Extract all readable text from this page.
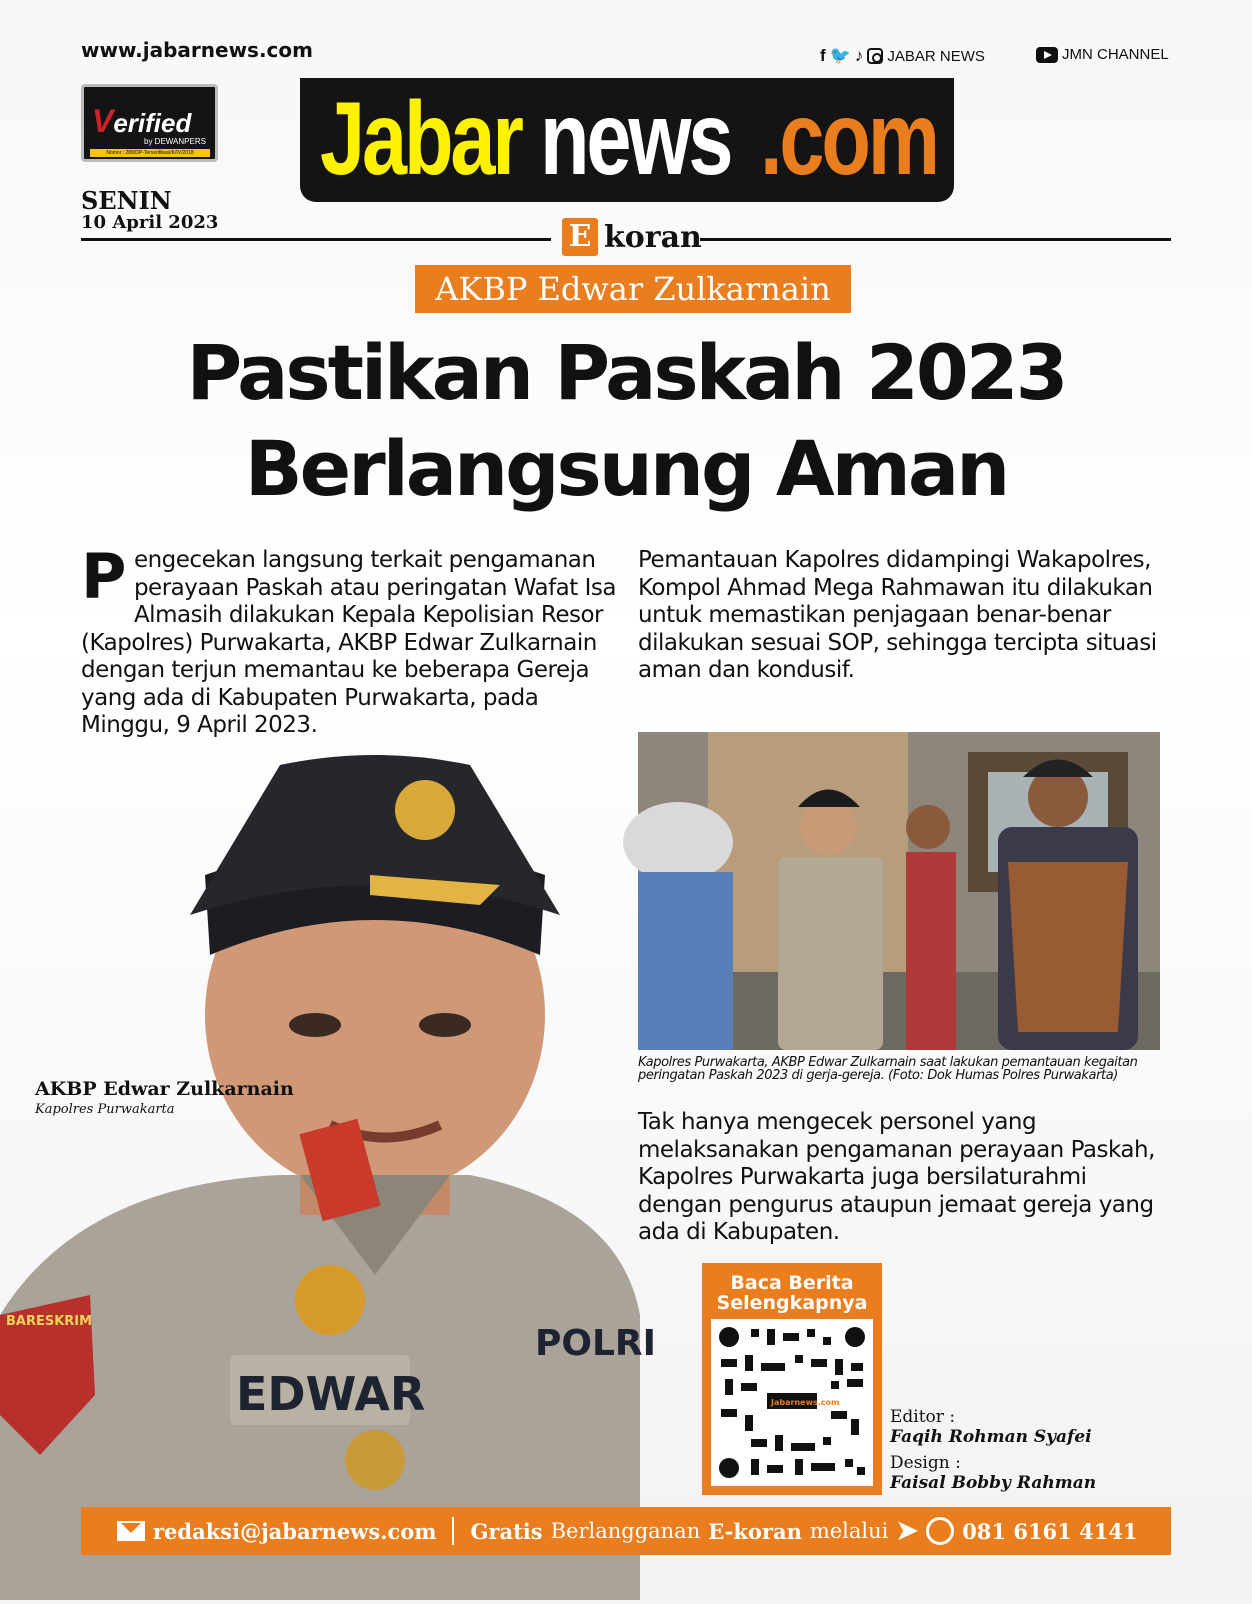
www.jabarnews.com	f 🐦 ♪ JABAR NEWS	JMN CHANNEL
Verified
by DEWANPERS
Nomor : 288/DP-Terverifikasi/K/IV/2018 Jabar news .com
SENIN
10 April 2023	E koran
AKBP Edwar Zulkarnain
Pastikan Paskah 2023
Berlangsung Aman
Pengecekan langsung terkait pengamanan perayaan Paskah atau peringatan Wafat Isa Almasih dilakukan Kepala Kepolisian Resor (Kapolres) Purwakarta, AKBP Edwar Zulkarnain dengan terjun memantau ke beberapa Gereja yang ada di Kabupaten Purwakarta, pada Minggu, 9 April 2023.
Pemantauan Kapolres didampingi Wakapolres, Kompol Ahmad Mega Rahmawan itu dilakukan untuk memastikan penjagaan benar-benar dilakukan sesuai SOP, sehingga tercipta situasi aman dan kondusif.
Kapolres Purwakarta, AKBP Edwar Zulkarnain saat lakukan pemantauan kegaitan peringatan Paskah 2023 di gerja-gereja. (Foto: Dok Humas Polres Purwakarta)
Tak hanya mengecek personel yang melaksanakan pengamanan perayaan Paskah, Kapolres Purwakarta juga bersilaturahmi dengan pengurus ataupun jemaat gereja yang ada di Kabupaten.
EDWAR
POLRI
BARESKRIM
AKBP Edwar Zulkarnain
Kapolres Purwakarta
Baca Berita
Selengkapnya
Jabarnews.com
Editor :
Faqih Rohman Syafei
Design :
Faisal Bobby Rahman
redaksi@jabarnews.com Gratis Berlangganan E-koran melalui ➤ 081 6161 4141
